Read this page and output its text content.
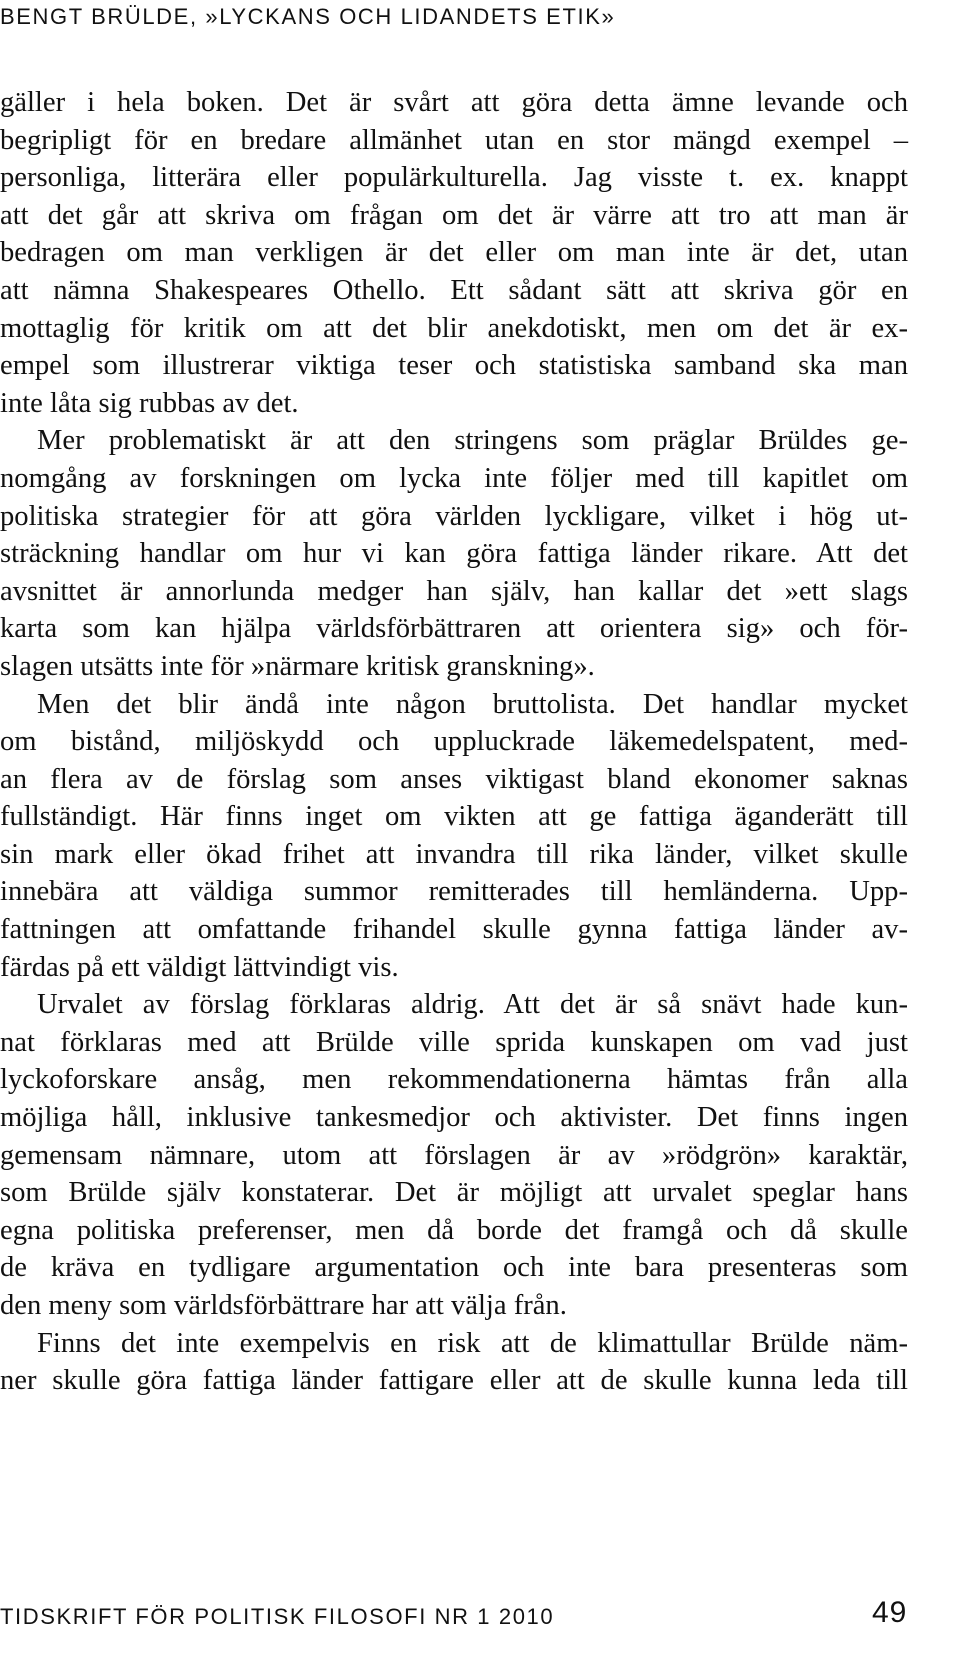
BENGT BRÜLDE, »LYCKANS OCH LIDANDETS ETIK»
gäller i hela boken. Det är svårt att göra detta ämne levande och
begripligt för en bredare allmänhet utan en stor mängd exempel –
personliga, litterära eller populärkulturella. Jag visste t. ex. knappt
att det går att skriva om frågan om det är värre att tro att man är
bedragen om man verkligen är det eller om man inte är det, utan
att nämna Shakespeares Othello. Ett sådant sätt att skriva gör en
mottaglig för kritik om att det blir anekdotiskt, men om det är ex-
empel som illustrerar viktiga teser och statistiska samband ska man
inte låta sig rubbas av det.
Mer problematiskt är att den stringens som präglar Brüldes ge-
nomgång av forskningen om lycka inte följer med till kapitlet om
politiska strategier för att göra världen lyckligare, vilket i hög ut-
sträckning handlar om hur vi kan göra fattiga länder rikare. Att det
avsnittet är annorlunda medger han själv, han kallar det »ett slags
karta som kan hjälpa världsförbättraren att orientera sig» och för-
slagen utsätts inte för »närmare kritisk granskning».
Men det blir ändå inte någon bruttolista. Det handlar mycket
om bistånd, miljöskydd och uppluckrade läkemedelspatent, med-
an flera av de förslag som anses viktigast bland ekonomer saknas
fullständigt. Här finns inget om vikten att ge fattiga äganderätt till
sin mark eller ökad frihet att invandra till rika länder, vilket skulle
innebära att väldiga summor remitterades till hemländerna. Upp-
fattningen att omfattande frihandel skulle gynna fattiga länder av-
färdas på ett väldigt lättvindigt vis.
Urvalet av förslag förklaras aldrig. Att det är så snävt hade kun-
nat förklaras med att Brülde ville sprida kunskapen om vad just
lyckoforskare ansåg, men rekommendationerna hämtas från alla
möjliga håll, inklusive tankesmedjor och aktivister. Det finns ingen
gemensam nämnare, utom att förslagen är av »rödgrön» karaktär,
som Brülde själv konstaterar. Det är möjligt att urvalet speglar hans
egna politiska preferenser, men då borde det framgå och då skulle
de kräva en tydligare argumentation och inte bara presenteras som
den meny som världsförbättrare har att välja från.
Finns det inte exempelvis en risk att de klimattullar Brülde näm-
ner skulle göra fattiga länder fattigare eller att de skulle kunna leda till
TIDSKRIFT FÖR POLITISK FILOSOFI NR 1 2010	49
